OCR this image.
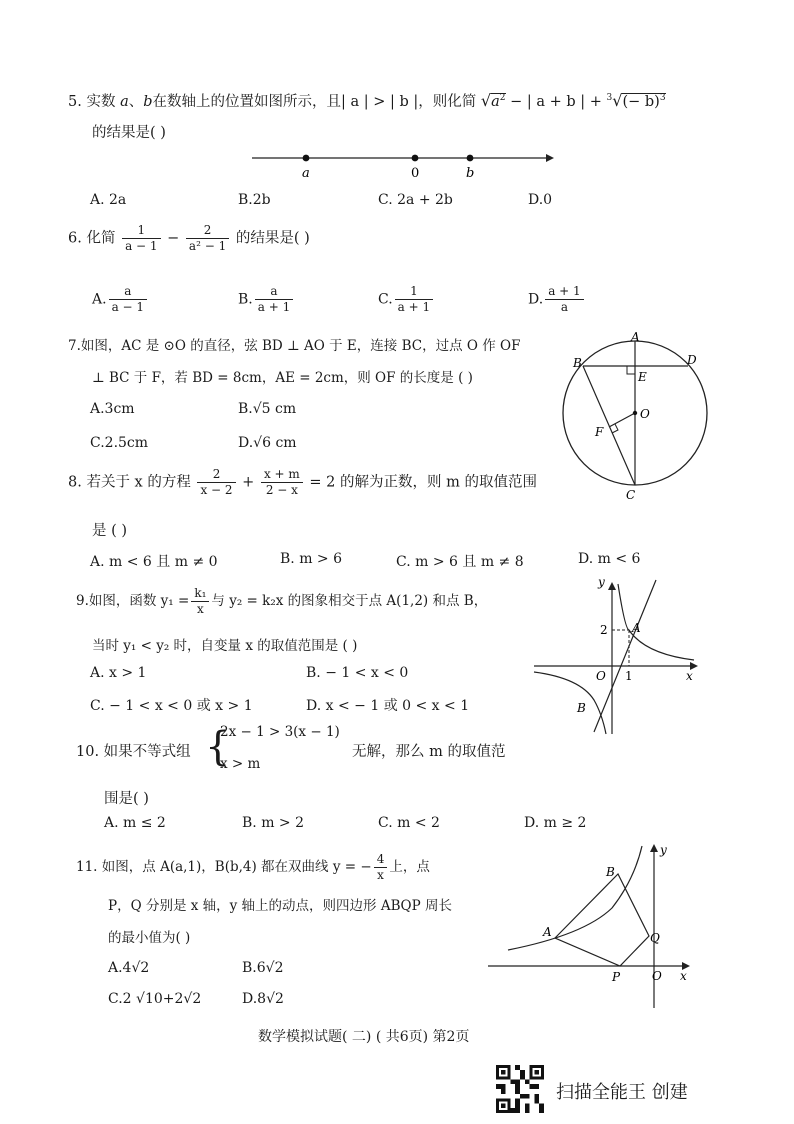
5. 实数 a、b在数轴上的位置如图所示，且| a | > | b |，则化简 $√a^2$ − | a + b | + $^3√(- b)^3$
的结果是( )
a	0	b
A. 2a	B.2b	C. 2a + 2b	D.0
6. 化简 $\frac{1}{a - 1} - \frac{2}{\text{a² − 1}}$ 的结果是( )
A. $\frac{a}{a - 1}$	B. $\frac{a}{a + 1}$	C. $\frac{1}{a + 1}$	D. $\frac{a + 1}{a}$
7.如图，AC 是 ⊙O 的直径，弦 BD ⊥ AO 于 E，连接 BC，过点 O 作 OF
⊥ BC 于 F，若 BD = 8cm，AE = 2cm，则 OF 的长度是 ( )
A.3cm	B.√5 cm
C.2.5cm	D.√6 cm
A
B	D
E
O
F
C
8. 若关于 x 的方程 $\frac{2}{x - 2} + \frac{x + m}{2 - x} = 2$ 的解为正数，则 m 的取值范围
是 ( )
A. m < 6 且 m ≠ 0	B. m > 6	C. m > 6 且 m ≠ 8	D. m < 6
9.如图，函数 $y_1 = \frac{\text{k₁}}{x}$ 与 y₂ = k₂x 的图象相交于点 A(1,2) 和点 B，
当时 y₁ < y₂ 时，自变量 x 的取值范围是 ( )
A. x > 1	B. − 1 < x < 0
C. − 1 < x < 0 或 x > 1	D. x < − 1 或 0 < x < 1
y
2 A
O 1	x
B
10. 如果不等式组 {
2x − 1 > 3(x − 1)
x > m
无解，那么 m 的取值范
围是( )
A. m ≤ 2	B. m > 2	C. m < 2	D. m ≥ 2
11. 如图，点 A(a,1)，B(b,4) 都在双曲线 y = − $\frac{4}{x}$ 上，点
P，Q 分别是 x 轴，y 轴上的动点，则四边形 ABQP 周长
的最小值为( )
A.4√2	B.6√2
C.2 √10+2√2	D.8√2
B
A	Q
P	O x
y
数学模拟试题( 二) ( 共6页) 第2页
扫描全能王 创建
